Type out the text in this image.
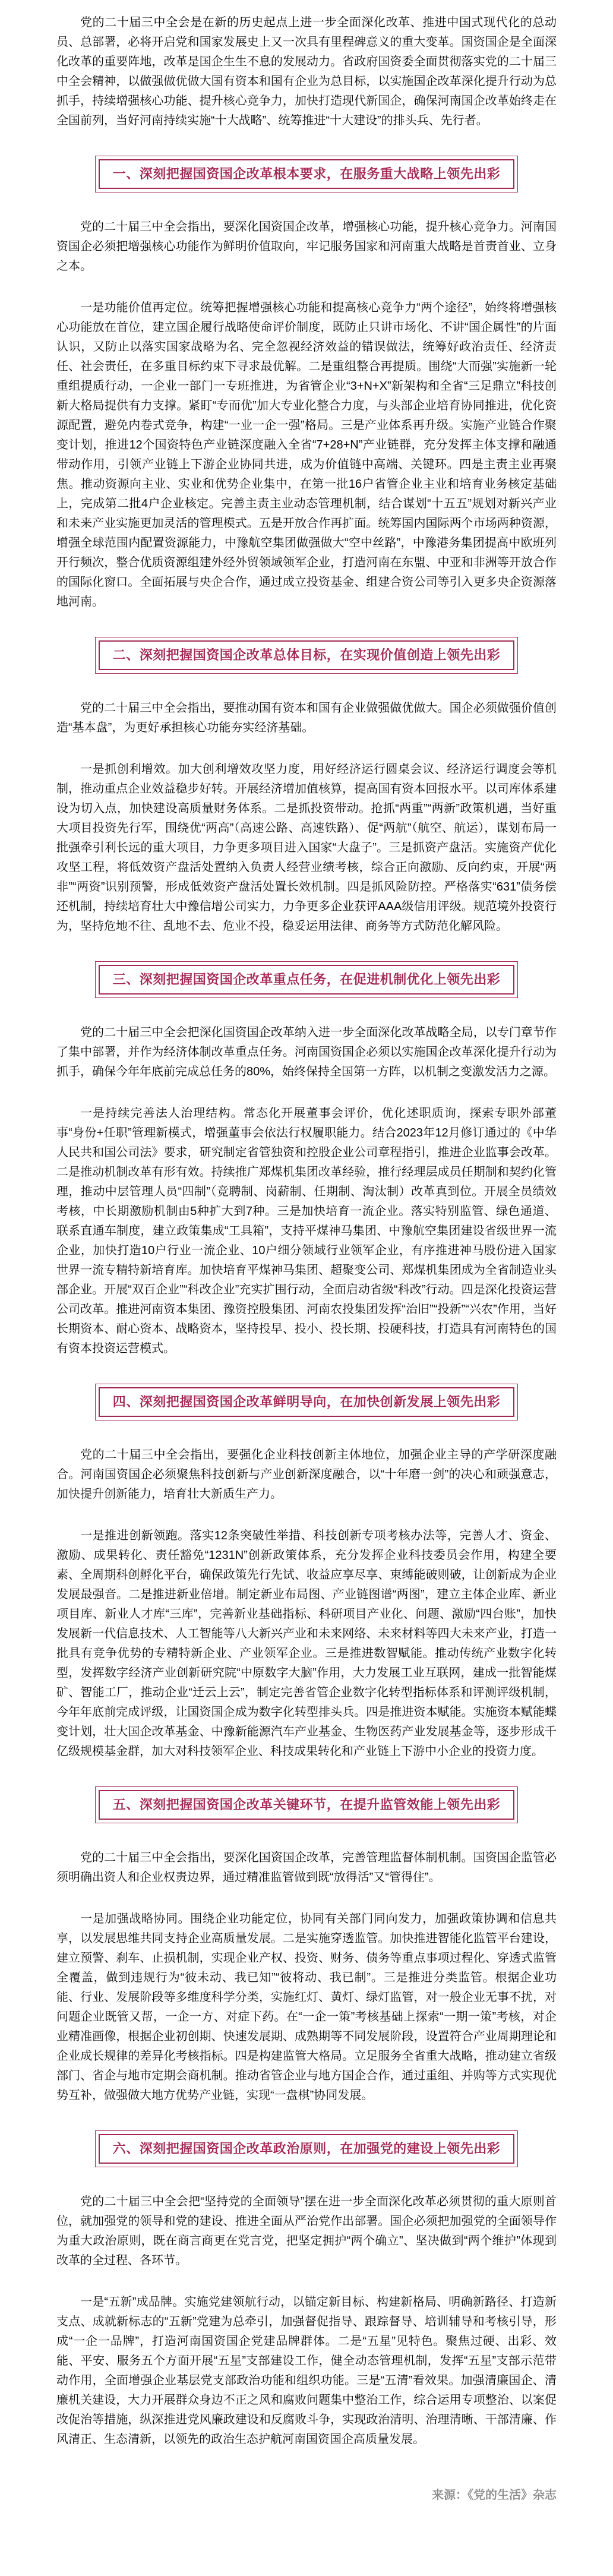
党的二十届三中全会是在新的历史起点上进一步全面深化改革、推进中国式现代化的总动员、总部署，必将开启党和国家发展史上又一次具有里程碑意义的重大变革。国资国企是全面深化改革的重要阵地，改革是国企生生不息的发展动力。省政府国资委全面贯彻落实党的二十届三中全会精神，以做强做优做大国有资本和国有企业为总目标，以实施国企改革深化提升行动为总抓手，持续增强核心功能、提升核心竞争力，加快打造现代新国企，确保河南国企改革始终走在全国前列，当好河南持续实施“十大战略”、统筹推进“十大建设”的排头兵、先行者。

一、深刻把握国资国企改革根本要求，在服务重大战略上领先出彩

党的二十届三中全会指出，要深化国资国企改革，增强核心功能，提升核心竞争力。河南国资国企必须把增强核心功能作为鲜明价值取向，牢记服务国家和河南重大战略是首责首业、立身之本。

一是功能价值再定位。统筹把握增强核心功能和提高核心竞争力“两个途径”，始终将增强核心功能放在首位，建立国企履行战略使命评价制度，既防止只讲市场化、不讲“国企属性”的片面认识，又防止以落实国家战略为名、完全忽视经济效益的错误做法，统筹好政治责任、经济责任、社会责任，在多重目标约束下寻求最优解。二是重组整合再提质。围绕“大而强”实施新一轮重组提质行动，一企业一部门一专班推进，为省管企业“3+N+X”新架构和全省“三足鼎立”科技创新大格局提供有力支撑。紧盯“专而优”加大专业化整合力度，与头部企业培育协同推进，优化资源配置，避免内卷式竞争，构建“一业一企一强”格局。三是产业体系再升级。实施产业链合作聚变计划，推进12个国资特色产业链深度融入全省“7+28+N”产业链群，充分发挥主体支撑和融通带动作用，引领产业链上下游企业协同共进，成为价值链中高端、关键环。四是主责主业再聚焦。推动资源向主业、实业和优势企业集中，在第一批16户省管企业主业和培育业务核定基础上，完成第二批4户企业核定。完善主责主业动态管理机制，结合谋划“十五五”规划对新兴产业和未来产业实施更加灵活的管理模式。五是开放合作再扩面。统筹国内国际两个市场两种资源，增强全球范围内配置资源能力，中豫航空集团做强做大“空中丝路”，中豫港务集团提高中欧班列开行频次，整合优质资源组建外经外贸领域领军企业，打造河南在东盟、中亚和非洲等开放合作的国际化窗口。全面拓展与央企合作，通过成立投资基金、组建合资公司等引入更多央企资源落地河南。

二、深刻把握国资国企改革总体目标，在实现价值创造上领先出彩

党的二十届三中全会指出，要推动国有资本和国有企业做强做优做大。国企必须做强价值创造“基本盘”，为更好承担核心功能夯实经济基础。

一是抓创利增效。加大创利增效攻坚力度，用好经济运行圆桌会议、经济运行调度会等机制，推动重点企业效益稳步好转。开展经济增加值核算，提高国有资本回报水平。以司库体系建设为切入点，加快建设高质量财务体系。二是抓投资带动。抢抓“两重”“两新”政策机遇，当好重大项目投资先行军，围绕优“两高”（高速公路、高速铁路）、促“两航”（航空、航运），谋划布局一批强牵引利长远的重大项目，力争更多项目进入国家“大盘子”。三是抓资产盘活。实施资产优化攻坚工程，将低效资产盘活处置纳入负责人经营业绩考核，综合正向激励、反向约束，开展“两非”“两资”识别预警，形成低效资产盘活处置长效机制。四是抓风险防控。严格落实“631”债务偿还机制，持续培育壮大中豫信增公司实力，力争更多企业获评AAA级信用评级。规范境外投资行为，坚持危地不往、乱地不去、危业不投，稳妥运用法律、商务等方式防范化解风险。

三、深刻把握国资国企改革重点任务，在促进机制优化上领先出彩

党的二十届三中全会把深化国资国企改革纳入进一步全面深化改革战略全局，以专门章节作了集中部署，并作为经济体制改革重点任务。河南国资国企必须以实施国企改革深化提升行动为抓手，确保今年年底前完成总任务的80%，始终保持全国第一方阵，以机制之变激发活力之源。

一是持续完善法人治理结构。常态化开展董事会评价，优化述职质询，探索专职外部董事“身份+任职”管理新模式，增强董事会依法行权履职能力。结合2023年12月修订通过的《中华人民共和国公司法》要求，研究制定省管独资和控股企业公司章程指引，推进企业监事会改革。二是推动机制改革有形有效。持续推广郑煤机集团改革经验，推行经理层成员任期制和契约化管理，推动中层管理人员“四制”（竞聘制、岗薪制、任期制、淘汰制）改革真到位。开展全员绩效考核，中长期激励机制由5种扩大到7种。三是加快培育一流企业。落实特别监管、绿色通道、联系直通车制度，建立政策集成“工具箱”，支持平煤神马集团、中豫航空集团建设省级世界一流企业，加快打造10户行业一流企业、10户细分领域行业领军企业，有序推进神马股份进入国家世界一流专精特新培育库。加快培育平煤神马集团、超聚变公司、郑煤机集团成为全省制造业头部企业。开展“双百企业”“科改企业”充实扩围行动，全面启动省级“科改”行动。四是深化投资运营公司改革。推进河南资本集团、豫资控股集团、河南农投集团发挥“治旧”“投新”“兴农”作用，当好长期资本、耐心资本、战略资本，坚持投早、投小、投长期、投硬科技，打造具有河南特色的国有资本投资运营模式。

四、深刻把握国资国企改革鲜明导向，在加快创新发展上领先出彩

党的二十届三中全会指出，要强化企业科技创新主体地位，加强企业主导的产学研深度融合。河南国资国企必须聚焦科技创新与产业创新深度融合，以“十年磨一剑”的决心和顽强意志，加快提升创新能力，培育壮大新质生产力。

一是推进创新领跑。落实12条突破性举措、科技创新专项考核办法等，完善人才、资金、激励、成果转化、责任豁免“1231N”创新政策体系，充分发挥企业科技委员会作用，构建全要素、全周期科创孵化平台，确保政策先行先试、收益应享尽享、束缚能破则破，让创新成为企业发展最强音。二是推进新业倍增。制定新业布局图、产业链图谱“两图”，建立主体企业库、新业项目库、新业人才库“三库”，完善新业基础指标、科研项目产业化、问题、激励“四台账”，加快发展新一代信息技术、人工智能等八大新兴产业和未来网络、未来材料等四大未来产业，打造一批具有竞争优势的专精特新企业、产业领军企业。三是推进数智赋能。推动传统产业数字化转型，发挥数字经济产业创新研究院“中原数字大脑”作用，大力发展工业互联网，建成一批智能煤矿、智能工厂，推动企业“迁云上云”，制定完善省管企业数字化转型指标体系和评测评级机制，今年年底前完成评级，让国资国企成为数字化转型排头兵。四是推进资本赋能。实施资本赋能蝶变计划，壮大国企改革基金、中豫新能源汽车产业基金、生物医药产业发展基金等，逐步形成千亿级规模基金群，加大对科技领军企业、科技成果转化和产业链上下游中小企业的投资力度。

五、深刻把握国资国企改革关键环节，在提升监管效能上领先出彩

党的二十届三中全会指出，要深化国资国企改革，完善管理监督体制机制。国资国企监管必须明确出资人和企业权责边界，通过精准监管做到既“放得活”又“管得住”。

一是加强战略协同。围绕企业功能定位，协同有关部门同向发力，加强政策协调和信息共享，以发展思维共同支持企业高质量发展。二是实施穿透监管。加快推进智能化监管平台建设，建立预警、刹车、止损机制，实现企业产权、投资、财务、债务等重点事项过程化、穿透式监管全覆盖，做到违规行为“彼未动、我已知”“彼将动、我已制”。三是推进分类监管。根据企业功能、行业、发展阶段等多维度科学分类，实施红灯、黄灯、绿灯监管，对一般企业无事不扰，对问题企业既管又帮，一企一方、对症下药。在“一企一策”考核基础上探索“一期一策”考核，对企业精准画像，根据企业初创期、快速发展期、成熟期等不同发展阶段，设置符合产业周期理论和企业成长规律的差异化考核指标。四是构建监管大格局。立足服务全省重大战略，推动建立省级部门、省企与地市定期会商机制。推动省管企业与地方国企合作，通过重组、并购等方式实现优势互补，做强做大地方优势产业链，实现“一盘棋”协同发展。

六、深刻把握国资国企改革政治原则，在加强党的建设上领先出彩

党的二十届三中全会把“坚持党的全面领导”摆在进一步全面深化改革必须贯彻的重大原则首位，就加强党的领导和党的建设、推进全面从严治党作出部署。国企必须把加强党的全面领导作为重大政治原则，既在商言商更在党言党，把坚定拥护“两个确立”、坚决做到“两个维护”体现到改革的全过程、各环节。

一是“五新”成品牌。实施党建领航行动，以锚定新目标、构建新格局、明确新路径、打造新支点、成就新标志的“五新”党建为总牵引，加强督促指导、跟踪督导、培训辅导和考核引导，形成“一企一品牌”，打造河南国资国企党建品牌群体。二是“五星”见特色。聚焦过硬、出彩、效能、平安、服务五个方面开展“五星”支部建设工作，健全动态管理机制，发挥“五星”支部示范带动作用，全面增强企业基层党支部政治功能和组织功能。三是“五清”看效果。加强清廉国企、清廉机关建设，大力开展群众身边不正之风和腐败问题集中整治工作，综合运用专项整治、以案促改促治等措施，纵深推进党风廉政建设和反腐败斗争，实现政治清明、治理清晰、干部清廉、作风清正、生态清新，以领先的政治生态护航河南国资国企高质量发展。

来源：《党的生活》杂志
